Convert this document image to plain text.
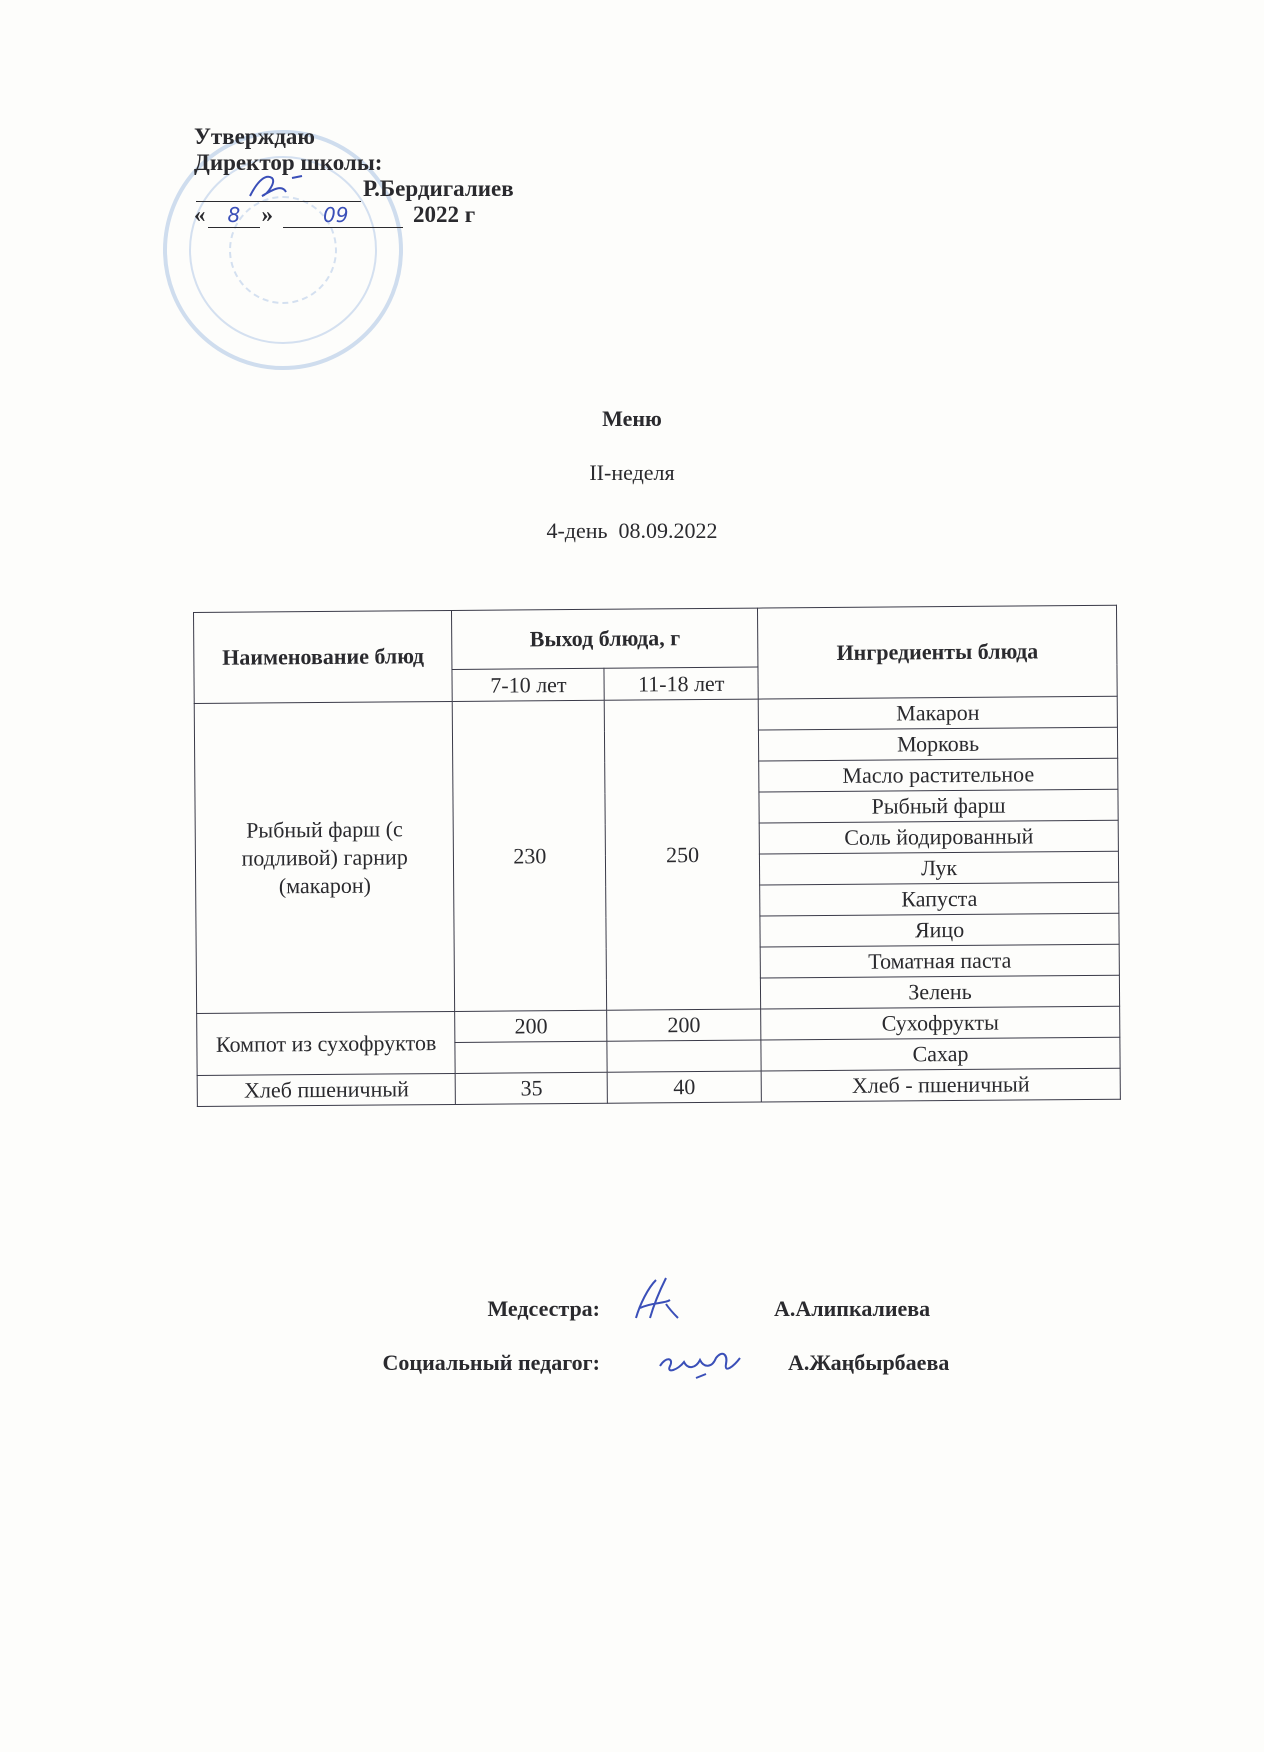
Утверждаю
Директор школы:
Р.Бердигалиев
« 8 »	09	2022 г
Меню
II-неделя
4-день  08.09.2022
Наименование блюд	Выход блюда, г		Ингредиенты блюда
	7-10 лет	11-18 лет	
Рыбный фарш (с подливой) гарнир (макарон)	230	250	Макарон
			Морковь
			Масло растительное
			Рыбный фарш
			Соль йодированный
			Лук
			Капуста
			Яицо
			Томатная паста
			Зелень
Компот из сухофруктов	200	200	Сухофрукты
			Сахар
Хлеб пшеничный	35	40	Хлеб - пшеничный
Медсестра:	А.Алипкалиева
Социальный педагог:	А.Жаңбырбаева
